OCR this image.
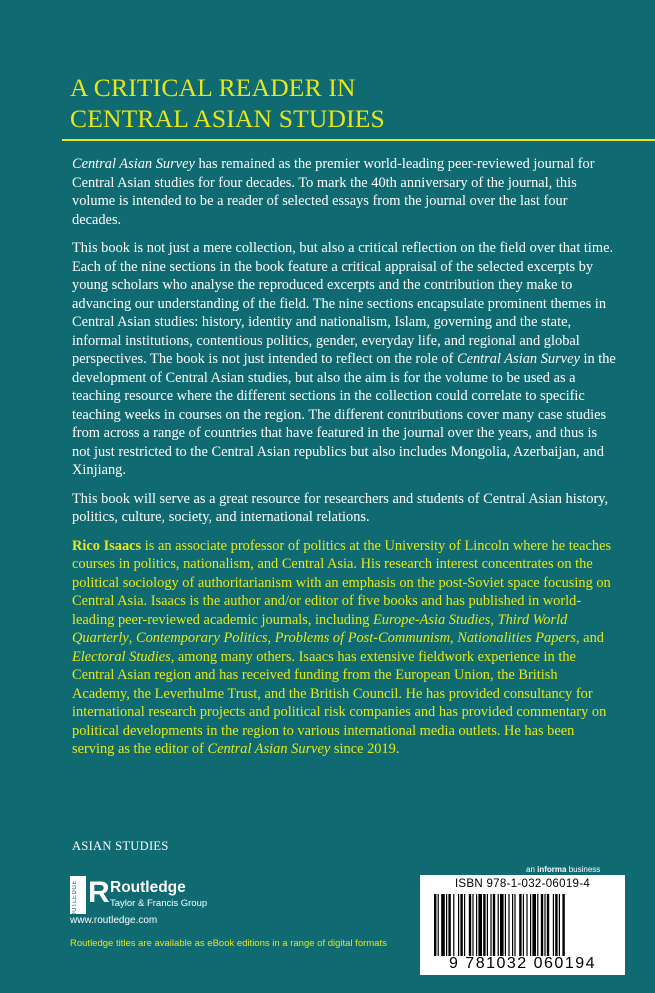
A CRITICAL READER IN
CENTRAL ASIAN STUDIES

Central Asian Survey has remained as the premier world-leading peer-reviewed journal for Central Asian studies for four decades. To mark the 40th anniversary of the journal, this volume is intended to be a reader of selected essays from the journal over the last four decades.

This book is not just a mere collection, but also a critical reflection on the field over that time. Each of the nine sections in the book feature a critical appraisal of the selected excerpts by young scholars who analyse the reproduced excerpts and the contribution they make to advancing our understanding of the field. The nine sections encapsulate prominent themes in Central Asian studies: history, identity and nationalism, Islam, governing and the state, informal institutions, contentious politics, gender, everyday life, and regional and global perspectives. The book is not just intended to reflect on the role of Central Asian Survey in the development of Central Asian studies, but also the aim is for the volume to be used as a teaching resource where the different sections in the collection could correlate to specific teaching weeks in courses on the region. The different contributions cover many case studies from across a range of countries that have featured in the journal over the years, and thus is not just restricted to the Central Asian republics but also includes Mongolia, Azerbaijan, and Xinjiang.

This book will serve as a great resource for researchers and students of Central Asian history, politics, culture, society, and international relations.

Rico Isaacs is an associate professor of politics at the University of Lincoln where he teaches courses in politics, nationalism, and Central Asia. His research interest concentrates on the political sociology of authoritarianism with an emphasis on the post-Soviet space focusing on Central Asia. Isaacs is the author and/or editor of five books and has published in world-leading peer-reviewed academic journals, including Europe-Asia Studies, Third World Quarterly, Contemporary Politics, Problems of Post-Communism, Nationalities Papers, and Electoral Studies, among many others. Isaacs has extensive fieldwork experience in the Central Asian region and has received funding from the European Union, the British Academy, the Leverhulme Trust, and the British Council. He has provided consultancy for international research projects and political risk companies and has provided commentary on political developments in the region to various international media outlets. He has been serving as the editor of Central Asian Survey since 2019.

ASIAN STUDIES
ROUTLEDGE R Routledge
Taylor & Francis Group
www.routledge.com
Routledge titles are available as eBook editions in a range of digital formats
an informa business
ISBN 978-1-032-06019-4
9 781032 060194
